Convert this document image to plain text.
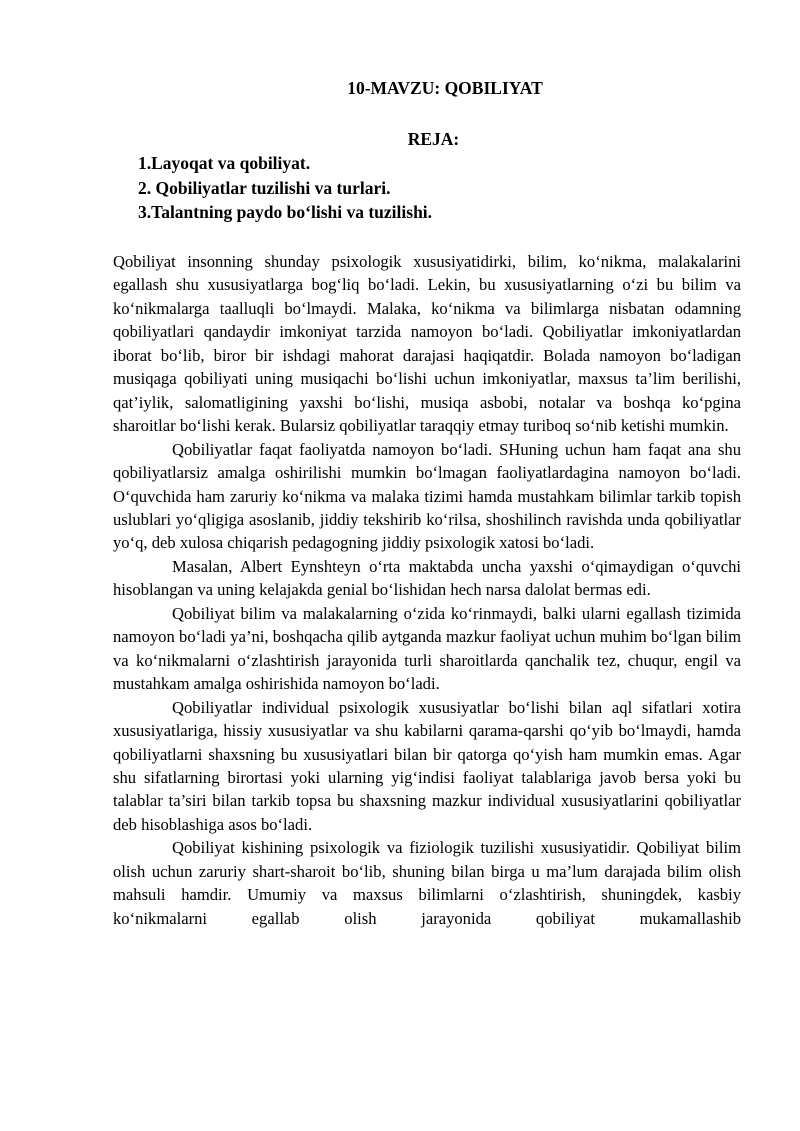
10-MAVZU: QOBILIYAT
REJA:
1.Layoqat va qobiliyat.
2. Qobiliyatlar tuzilishi va turlari.
3.Talantning paydo bo‘lishi va tuzilishi.

Qobiliyat insonning shunday psixologik xususiyatidirki, bilim, ko‘nikma, malakalarini egallash shu xususiyatlarga bog‘liq bo‘ladi. Lekin, bu xususiyatlarning o‘zi bu bilim va ko‘nikmalarga taalluqli bo‘lmaydi. Malaka, ko‘nikma va bilimlarga nisbatan odamning qobiliyatlari qandaydir imkoniyat tarzida namoyon bo‘ladi. Qobiliyatlar imkoniyatlardan iborat bo‘lib, biror bir ishdagi mahorat darajasi haqiqatdir. Bolada namoyon bo‘ladigan musiqaga qobiliyati uning musiqachi bo‘lishi uchun imkoniyatlar, maxsus ta’lim berilishi, qat’iylik, salomatligining yaxshi bo‘lishi, musiqa asbobi, notalar va boshqa ko‘pgina sharoitlar bo‘lishi kerak. Bularsiz qobiliyatlar taraqqiy etmay turiboq so‘nib ketishi mumkin.

Qobiliyatlar faqat faoliyatda namoyon bo‘ladi. SHuning uchun ham faqat ana shu qobiliyatlarsiz amalga oshirilishi mumkin bo‘lmagan faoliyatlardagina namoyon bo‘ladi. O‘quvchida ham zaruriy ko‘nikma va malaka tizimi hamda mustahkam bilimlar tarkib topish uslublari yo‘qligiga asoslanib, jiddiy tekshirib ko‘rilsa, shoshilinch ravishda unda qobiliyatlar yo‘q, deb xulosa chiqarish pedagogning jiddiy psixologik xatosi bo‘ladi.

Masalan, Albert Eynshteyn o‘rta maktabda uncha yaxshi o‘qimaydigan o‘quvchi hisoblangan va uning kelajakda genial bo‘lishidan hech narsa dalolat bermas edi.

Qobiliyat bilim va malakalarning o‘zida ko‘rinmaydi, balki ularni egallash tizimida namoyon bo‘ladi ya’ni, boshqacha qilib aytganda mazkur faoliyat uchun muhim bo‘lgan bilim va ko‘nikmalarni o‘zlashtirish jarayonida turli sharoitlarda qanchalik tez, chuqur, engil va mustahkam amalga oshirishida namoyon bo‘ladi.

Qobiliyatlar individual psixologik xususiyatlar bo‘lishi bilan aql sifatlari xotira xususiyatlariga, hissiy xususiyatlar va shu kabilarni qarama-qarshi qo‘yib bo‘lmaydi, hamda qobiliyatlarni shaxsning bu xususiyatlari bilan bir qatorga qo‘yish ham mumkin emas. Agar shu sifatlarning birortasi yoki ularning yig‘indisi faoliyat talablariga javob bersa yoki bu talablar ta’siri bilan tarkib topsa bu shaxsning mazkur individual xususiyatlarini qobiliyatlar deb hisoblashiga asos bo‘ladi.

Qobiliyat kishining psixologik va fiziologik tuzilishi xususiyatidir. Qobiliyat bilim olish uchun zaruriy shart-sharoit bo‘lib, shuning bilan birga u ma’lum darajada bilim olish mahsuli hamdir. Umumiy va maxsus bilimlarni o‘zlashtirish, shuningdek, kasbiy ko‘nikmalarni egallab olish jarayonida qobiliyat mukamallashib
